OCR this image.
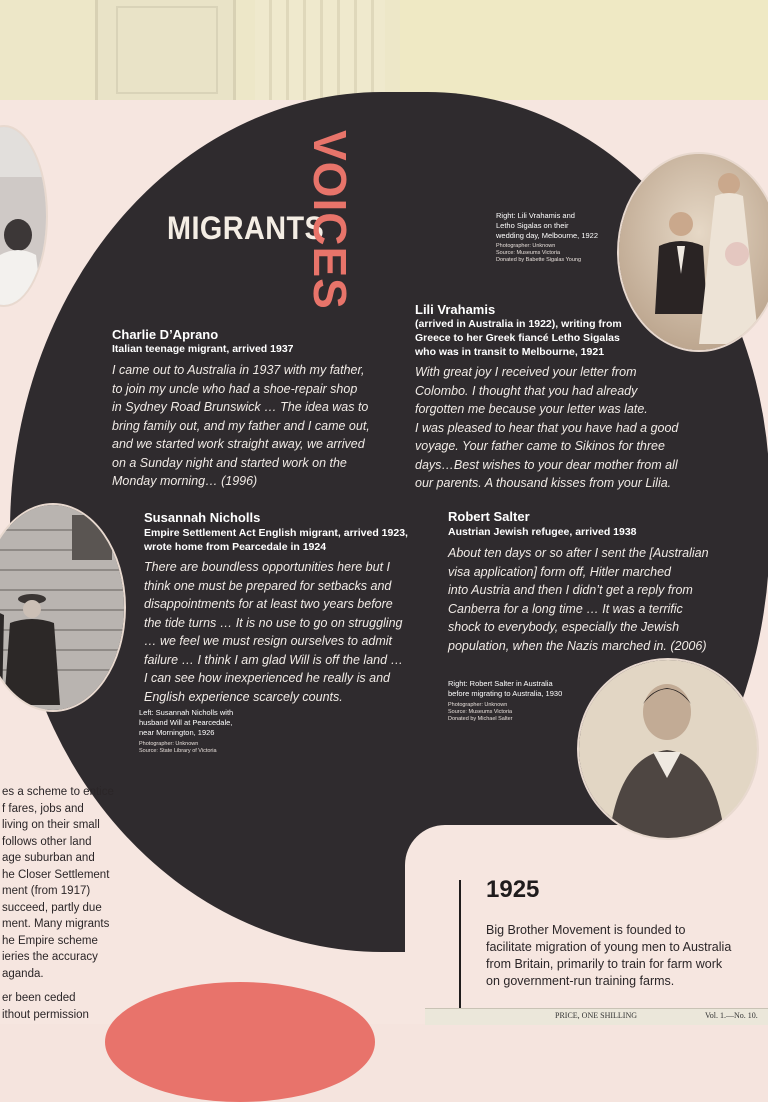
MIGRANTS
VOICES	Right: Lili Vrahamis and
Letho Sigalas on their
wedding day, Melbourne, 1922
Photographer: Unknown
Source: Museums Victoria
Donated by Babette Sigalas Young
Charlie D’Aprano
Italian teenage migrant, arrived 1937
I came out to Australia in 1937 with my father,
to join my uncle who had a shoe-repair shop
in Sydney Road Brunswick … The idea was to
bring family out, and my father and I came out,
and we started work straight away, we arrived
on a Sunday night and started work on the
Monday morning… (1996)
Lili Vrahamis
(arrived in Australia in 1922), writing from
Greece to her Greek fiancé Letho Sigalas
who was in transit to Melbourne, 1921
With great joy I received your letter from
Colombo. I thought that you had already
forgotten me because your letter was late.
I was pleased to hear that you have had a good
voyage. Your father came to Sikinos for three
days…Best wishes to your dear mother from all
our parents. A thousand kisses from your Lilia.
Susannah Nicholls
Empire Settlement Act English migrant, arrived 1923,
wrote home from Pearcedale in 1924
There are boundless opportunities here but I
think one must be prepared for setbacks and
disappointments for at least two years before
the tide turns … It is no use to go on struggling
… we feel we must resign ourselves to admit
failure … I think I am glad Will is off the land …
I can see how inexperienced he really is and
English experience scarcely counts.
Left: Susannah Nicholls with
husband Will at Pearcedale,
near Mornington, 1926
Photographer: Unknown
Source: State Library of Victoria
Robert Salter
Austrian Jewish refugee, arrived 1938
About ten days or so after I sent the [Australian
visa application] form off, Hitler marched
into Austria and then I didn’t get a reply from
Canberra for a long time … It was a terrific
shock to everybody, especially the Jewish
population, when the Nazis marched in. (2006)
Right: Robert Salter in Australia
before migrating to Australia, 1930
Photographer: Unknown
Source: Museums Victoria
Donated by Michael Salter
es a scheme to entice
f fares, jobs and
living on their small
follows other land
age suburban and
he Closer Settlement
ment (from 1917)
succeed, partly due
ment. Many migrants
he Empire scheme
ieries the accuracy
aganda.
er been ceded
ithout permission
1925
Big Brother Movement is founded to
facilitate migration of young men to Australia
from Britain, primarily to train for farm work
on government-run training farms.
PRICE, ONE SHILLING	Vol. 1.—No. 10.
